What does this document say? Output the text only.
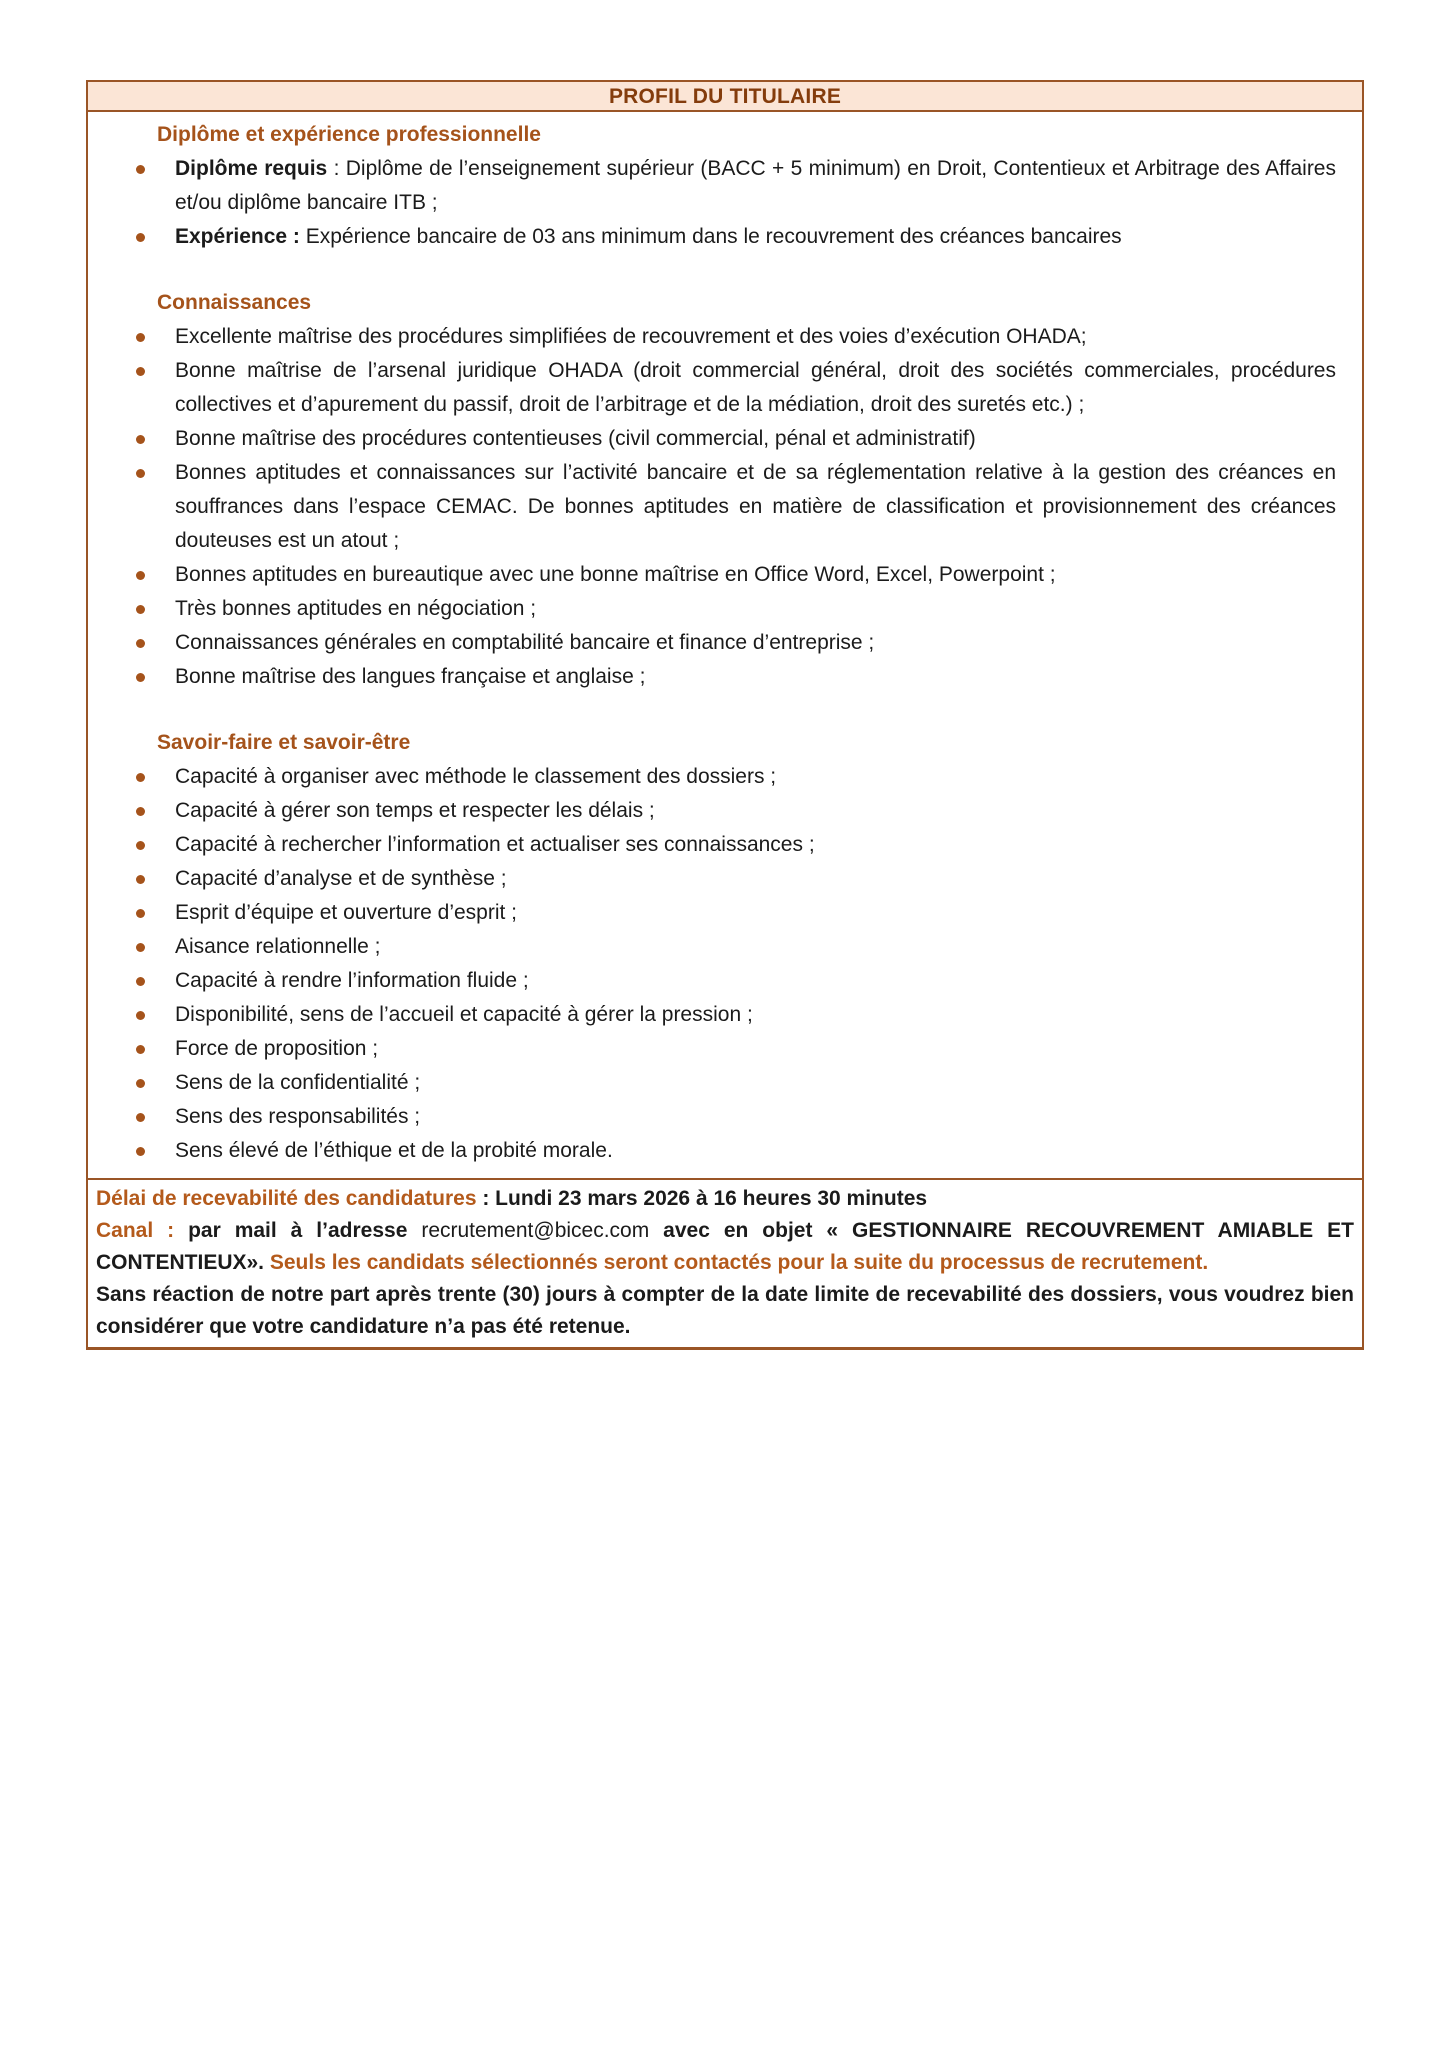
PROFIL DU TITULAIRE
Diplôme et expérience professionnelle
Diplôme requis : Diplôme de l’enseignement supérieur (BACC + 5 minimum) en Droit, Contentieux et Arbitrage des Affaires et/ou diplôme bancaire ITB ;
Expérience : Expérience bancaire de 03 ans minimum dans le recouvrement des créances bancaires
Connaissances
Excellente maîtrise des procédures simplifiées de recouvrement et des voies d’exécution OHADA;
Bonne maîtrise de l’arsenal juridique OHADA (droit commercial général, droit des sociétés commerciales, procédures collectives et d’apurement du passif, droit de l’arbitrage et de la médiation, droit des suretés etc.) ;
Bonne maîtrise des procédures contentieuses (civil commercial, pénal et administratif)
Bonnes aptitudes et connaissances sur l’activité bancaire et de sa réglementation relative à la gestion des créances en souffrances dans l’espace CEMAC. De bonnes aptitudes en matière de classification et provisionnement des créances douteuses est un atout ;
Bonnes aptitudes en bureautique avec une bonne maîtrise en Office Word, Excel, Powerpoint ;
Très bonnes aptitudes en négociation ;
Connaissances générales en comptabilité bancaire et finance d’entreprise ;
Bonne maîtrise des langues française et anglaise ;
Savoir-faire et savoir-être
Capacité à organiser avec méthode le classement des dossiers ;
Capacité à gérer son temps et respecter les délais ;
Capacité à rechercher l’information et actualiser ses connaissances ;
Capacité d’analyse et de synthèse ;
Esprit d’équipe et ouverture d’esprit ;
Aisance relationnelle ;
Capacité à rendre l’information fluide ;
Disponibilité, sens de l’accueil et capacité à gérer la pression ;
Force de proposition ;
Sens de la confidentialité ;
Sens des responsabilités ;
Sens élevé de l’éthique et de la probité morale.

Délai de recevabilité des candidatures : Lundi 23 mars 2026 à 16 heures 30 minutes

Canal : par mail à l’adresse recrutement@bicec.com avec en objet « GESTIONNAIRE RECOUVREMENT AMIABLE ET CONTENTIEUX». Seuls les candidats sélectionnés seront contactés pour la suite du processus de recrutement.

Sans réaction de notre part après trente (30) jours à compter de la date limite de recevabilité des dossiers, vous voudrez bien considérer que votre candidature n’a pas été retenue.
